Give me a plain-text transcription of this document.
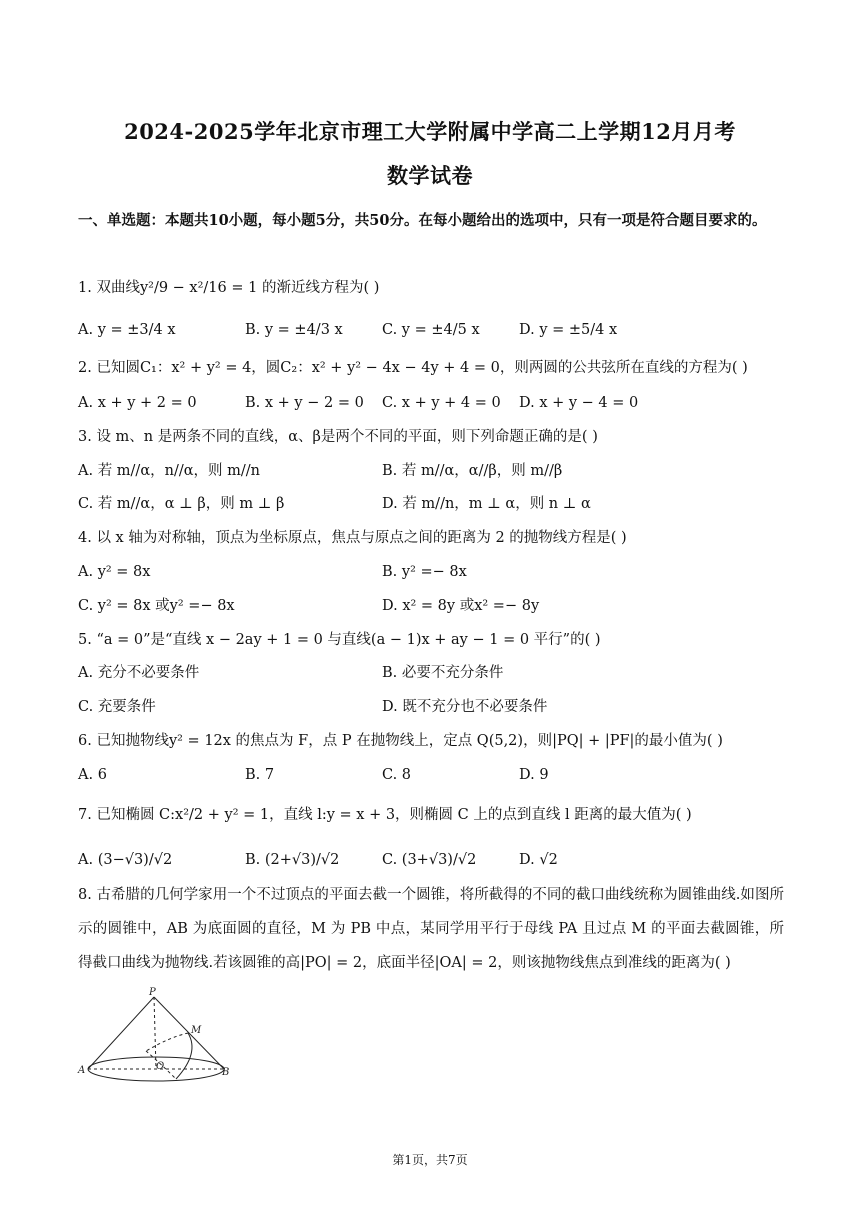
2024-2025学年北京市理工大学附属中学高二上学期12月月考
数学试卷
一、单选题：本题共10小题，每小题5分，共50分。在每小题给出的选项中，只有一项是符合题目要求的。
1. 双曲线y²/9 − x²/16 = 1 的渐近线方程为( )
A. y = ±3/4 x	B. y = ±4/3 x	C. y = ±4/5 x	D. y = ±5/4 x
2. 已知圆C₁：x² + y² = 4，圆C₂：x² + y² − 4x − 4y + 4 = 0，则两圆的公共弦所在直线的方程为( )
A. x + y + 2 = 0	B. x + y − 2 = 0 C. x + y + 4 = 0 D. x + y − 4 = 0
3. 设 m、n 是两条不同的直线，α、β是两个不同的平面，则下列命题正确的是( )
A. 若 m//α，n//α，则 m//n	B. 若 m//α，α//β，则 m//β
C. 若 m//α，α ⊥ β，则 m ⊥ β	D. 若 m//n，m ⊥ α，则 n ⊥ α
4. 以 x 轴为对称轴，顶点为坐标原点，焦点与原点之间的距离为 2 的抛物线方程是( )
A. y² = 8x	B. y² =− 8x
C. y² = 8x 或y² =− 8x	D. x² = 8y 或x² =− 8y
5. “a = 0”是“直线 x − 2ay + 1 = 0 与直线(a − 1)x + ay − 1 = 0 平行”的( )
A. 充分不必要条件	B. 必要不充分条件
C. 充要条件	D. 既不充分也不必要条件
6. 已知抛物线y² = 12x 的焦点为 F，点 P 在抛物线上，定点 Q(5,2)，则|PQ| + |PF|的最小值为( )
A. 6	B. 7	C. 8	D. 9
7. 已知椭圆 C:x²/2 + y² = 1，直线 l:y = x + 3，则椭圆 C 上的点到直线 l 距离的最大值为( )
A. (3−√3)/√2	B. (2+√3)/√2	C. (3+√3)/√2	D. √2
8. 古希腊的几何学家用一个不过顶点的平面去截一个圆锥，将所截得的不同的截口曲线统称为圆锥曲线.如图所示的圆锥中，AB 为底面圆的直径，M 为 PB 中点，某同学用平行于母线 PA 且过点 M 的平面去截圆锥，所得截口曲线为抛物线.若该圆锥的高|PO| = 2，底面半径|OA| = 2，则该抛物线焦点到准线的距离为( )
P
M
A	O
B
第1页，共7页
